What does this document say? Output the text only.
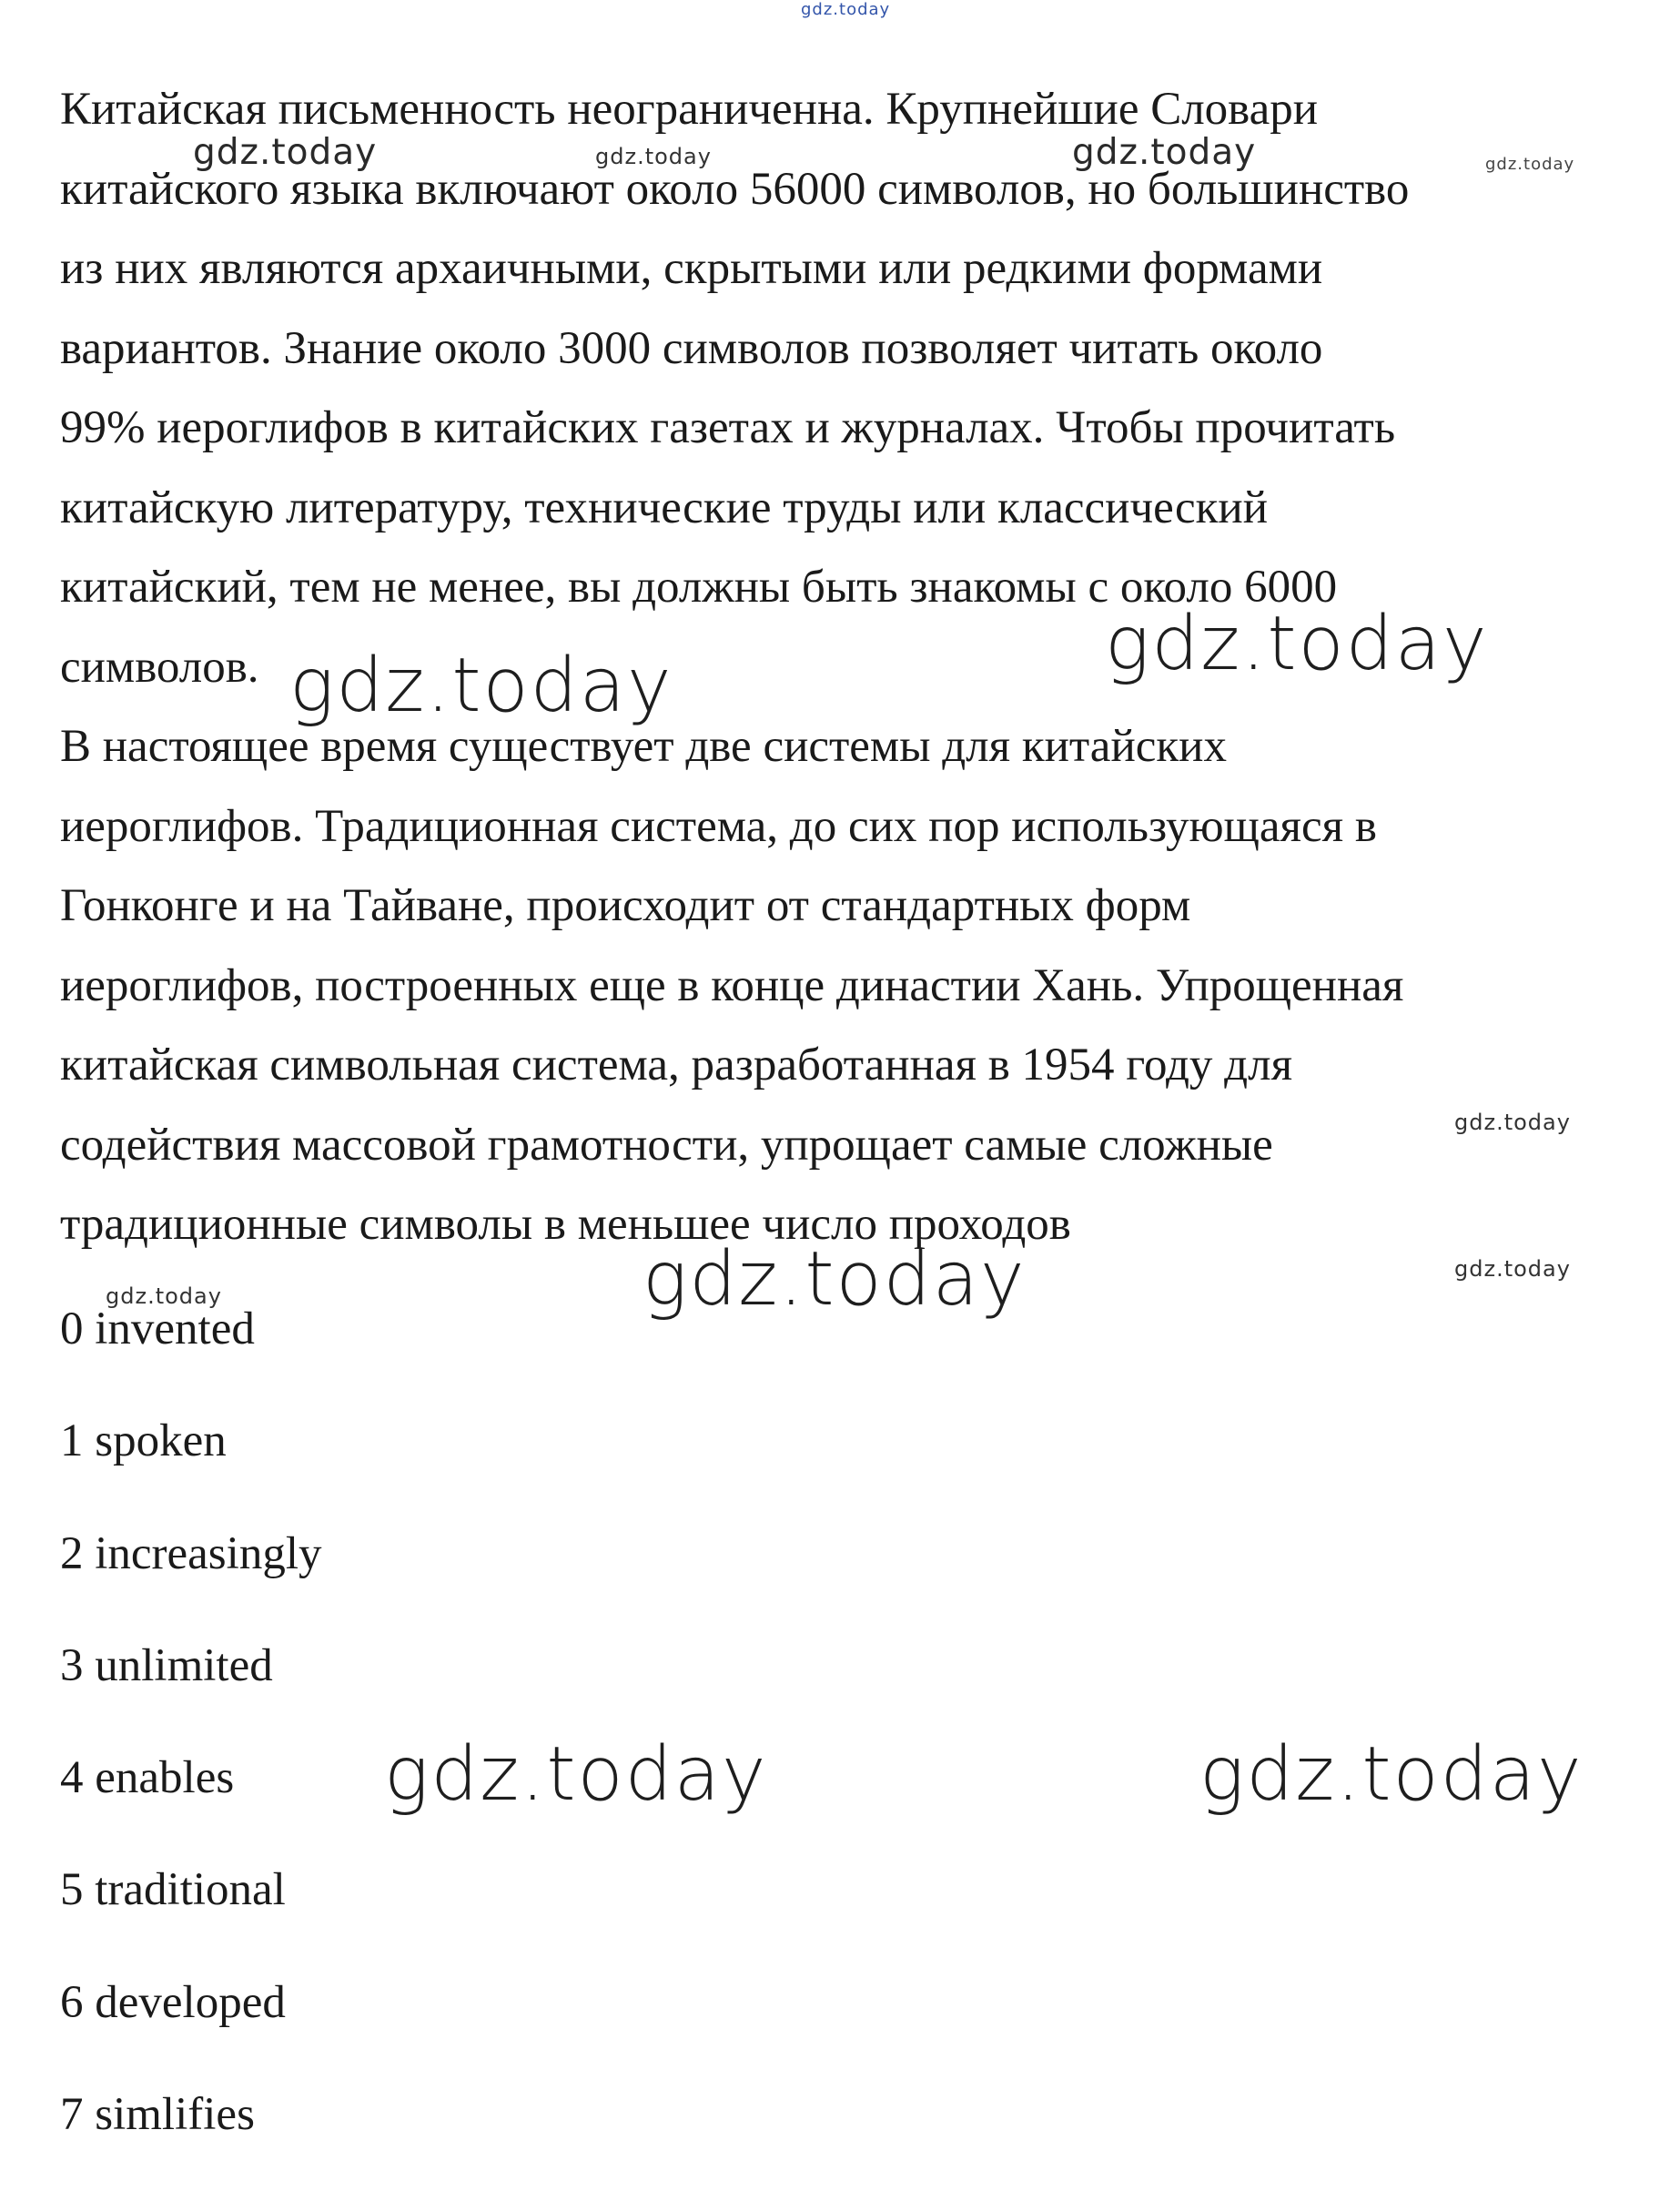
Китайская письменность неограниченна. Крупнейшие Словари
китайского языка включают около 56000 символов, но большинство
из них являются архаичными, скрытыми или редкими формами
вариантов. Знание около 3000 символов позволяет читать около
99% иероглифов в китайских газетах и журналах. Чтобы прочитать
китайскую литературу, технические труды или классический
китайский, тем не менее, вы должны быть знакомы с около 6000
символов.

В настоящее время существует две системы для китайских
иероглифов. Традиционная система, до сих пор использующаяся в
Гонконге и на Тайване, происходит от стандартных форм
иероглифов, построенных еще в конце династии Хань. Упрощенная
китайская символьная система, разработанная в 1954 году для
содействия массовой грамотности, упрощает самые сложные
традиционные символы в меньшее число проходов

0 invented
1 spoken
2 increasingly
3 unlimited
4 enables
5 traditional
6 developed
7 simlifies
gdz.today
gdz.today	gdz.today	gdz.today	gdz.today
gdz.today
gdz.today
gdz.today
gdz.today	gdz.today
gdz.today
gdz.today	gdz.today
